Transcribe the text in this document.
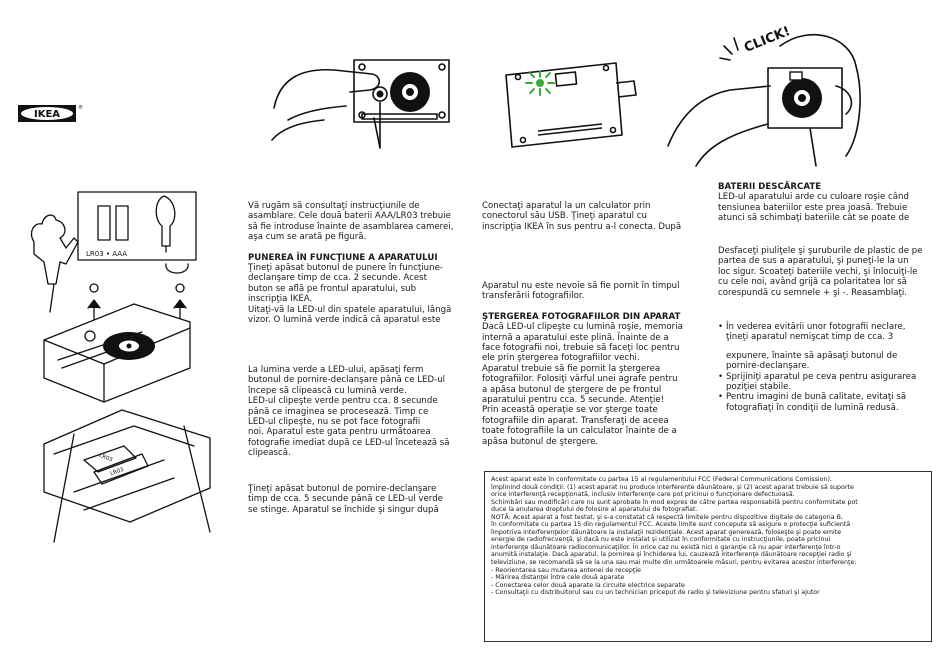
IKEA
®
CLICK!
LR03 • AAA
LR03
LR03

Vă rugăm să consultaţi instrucţiunile de
asamblare. Cele două baterii AAA/LR03 trebuie
să fie introduse înainte de asamblarea camerei,
aşa cum se arată pe figură.

PUNEREA ÎN FUNCŢIUNE A APARATULUI

Ţineţi apăsat butonul de punere în funcţiune-
declanşare timp de cca. 2 secunde. Acest
buton se află pe frontul aparatului, sub
inscripţia IKEA.
Uitaţi-vă la LED-ul din spatele aparatului, lângă
vizor. O lumină verde indică că aparatul este

La lumina verde a LED-ului, apăsaţi ferm
butonul de pornire-declanşare până ce LED-ul
începe să clipească cu lumină verde.
LED-ul clipeşte verde pentru cca. 8 secunde
până ce imaginea se procesează. Timp ce
LED-ul clipeşte, nu se pot face fotografii
noi. Aparatul este gata pentru următoarea
fotografie imediat după ce LED-ul încetează să
clipească.

Ţineţi apăsat butonul de pornire-declanşare
timp de cca. 5 secunde până ce LED-ul verde
se stinge. Aparatul se închide şi singur după

Conectaţi aparatul la un calculator prin
conectorul său USB. Ţineţi aparatul cu
inscripţia IKEA în sus pentru a-l conecta. După

Aparatul nu este nevoie să fie pornit în timpul
transferării fotografiilor.

ŞTERGEREA FOTOGRAFIILOR DIN APARAT

Dacă LED-ul clipeşte cu lumină roşie, memoria
internă a aparatului este plină. Înainte de a
face fotografii noi, trebuie să faceţi loc pentru
ele prin ştergerea fotografiilor vechi.
Aparatul trebuie să fie pornit la ştergerea
fotografiilor. Folosiţi vârful unei agrafe pentru
a apăsa butonul de ştergere de pe frontul
aparatului pentru cca. 5 secunde. Atenţie!
Prin această operaţie se vor şterge toate
fotografiile din aparat. Transferaţi de aceea
toate fotografiile la un calculator înainte de a
apăsa butonul de ştergere.

BATERII DESCĂRCATE

LED-ul aparatului arde cu culoare roşie când
tensiunea bateriilor este prea joasă. Trebuie
atunci să schimbaţi bateriile cât se poate de

Desfaceţi piuliţele şi şuruburile de plastic de pe
partea de sus a aparatului, şi puneţi-le la un
loc sigur. Scoateţi bateriile vechi, şi înlocuiţi-le
cu cele noi, având grijă ca polaritatea lor să
corespundă cu semnele + şi -. Reasamblaţi.

• În vederea evitării unor fotografii neclare,
ţineţi aparatul nemişcat timp de cca. 3

expunere, înainte să apăsaţi butonul de
pornire-declanşare.

• Sprijiniţi aparatul pe ceva pentru asigurarea
poziţiei stabile.
• Pentru imagini de bună calitate, evitaţi să
fotografiaţi în condiţii de lumină redusă.

Acest aparat este în conformitate cu partea 15 al regulamentului FCC (Federal Communications Comission),
împlinind două condiţii: (1) acest aparat nu produce interferente dăunătoare, şi (2) acest aparat trebuie să suporte
orice interferenţă recepţionată, inclusiv interferenţe care pot pricinui o funcţionare defectuoasă.
Schimbări sau modificări care nu sunt aprobate în mod expres de către partea responsabilă pentru conformitate pot
duce la anularea dreptului de folosire al aparatului de fotografiat.
NOTĂ: Acest aparat a fost testat, şi s-a constatat că respectă limitele pentru dispozitive digitale de categoria B,
în conformitate cu partea 15 din regulamentul FCC. Aceste limite sunt concepute să asigure o protecţie suficientă
împotriva interferenţelor dăunătoare la instalaţii rezidenţiale. Acest aparat generează, foloseşte şi poate emite
energie de radiofrecvenţă, şi dacă nu este instalat şi utilizat în conformitate cu instrucţiunile, poate pricinui
interferenţe dăunătoare radiocomunicaţiilor. În orice caz nu există nici o garanţie că nu apar interferenţe într-o
anumită instalaţie. Dacă aparatul, la pornirea şi închiderea lui, cauzează interferenţe dăunătoare recepţiei radio şi
televiziune, se recomandă să se la una sau mai multe din următoarele măsuri, pentru evitarea acestor interferenţe:
- Reorientarea sau mutarea antenei de recepţie
- Mărirea distanţei între cele două aparate
- Conectarea celor două aparate la circuite electrice separate
- Consultaţii cu distribuitorul sau cu un technician priceput de radio şi televiziune pentru sfaturi şi ajutor
